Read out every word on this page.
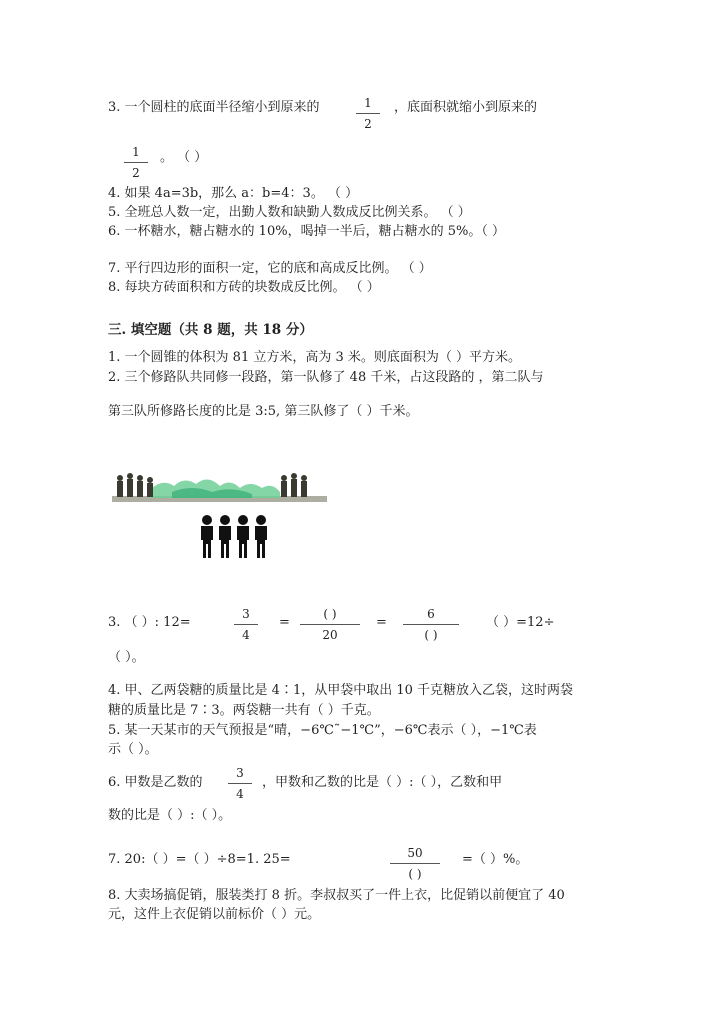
3. 一个圆柱的底面半径缩小到原来的	1
2
，底面积就缩小到原来的
1
2
。 （ ）
4. 如果 4a=3b，那么 a：b=4：3。 （ ）
5. 全班总人数一定，出勤人数和缺勤人数成反比例关系。 （ ）
6. 一杯糖水，糖占糖水的 10%，喝掉一半后，糖占糖水的 5%。（ ）
7. 平行四边形的面积一定，它的底和高成反比例。 （ ）
8. 每块方砖面积和方砖的块数成反比例。 （ ）
三. 填空题（共 8 题，共 18 分）
1. 一个圆锥的体积为 81 立方米，高为 3 米。则底面积为（ ）平方米。
2. 三个修路队共同修一段路，第一队修了 48 千米，占这段路的 ，第二队与
第三队所修路长度的比是 3:5, 第三队修了（ ）千米。
3. （ ）: 12=
3
4
( )
20
=	=
6
( )
（ ）=12÷
（ ）。
4. 甲、乙两袋糖的质量比是 4∶1，从甲袋中取出 10 千克糖放入乙袋，这时两袋
糖的质量比是 7∶3。两袋糖一共有（ ）千克。
5. 某一天某市的天气预报是“晴，−6℃˜−1℃”，−6℃表示（ ），−1℃表
示（ ）。
6. 甲数是乙数的
3
4
，甲数和乙数的比是（ ）:（ ），乙数和甲
数的比是（ ）:（ ）。
7. 20:（ ）=（ ）÷8=1. 25=	50
( )
=（ ）%。
8. 大卖场搞促销，服装类打 8 折。李叔叔买了一件上衣，比促销以前便宜了 40
元，这件上衣促销以前标价（ ）元。
